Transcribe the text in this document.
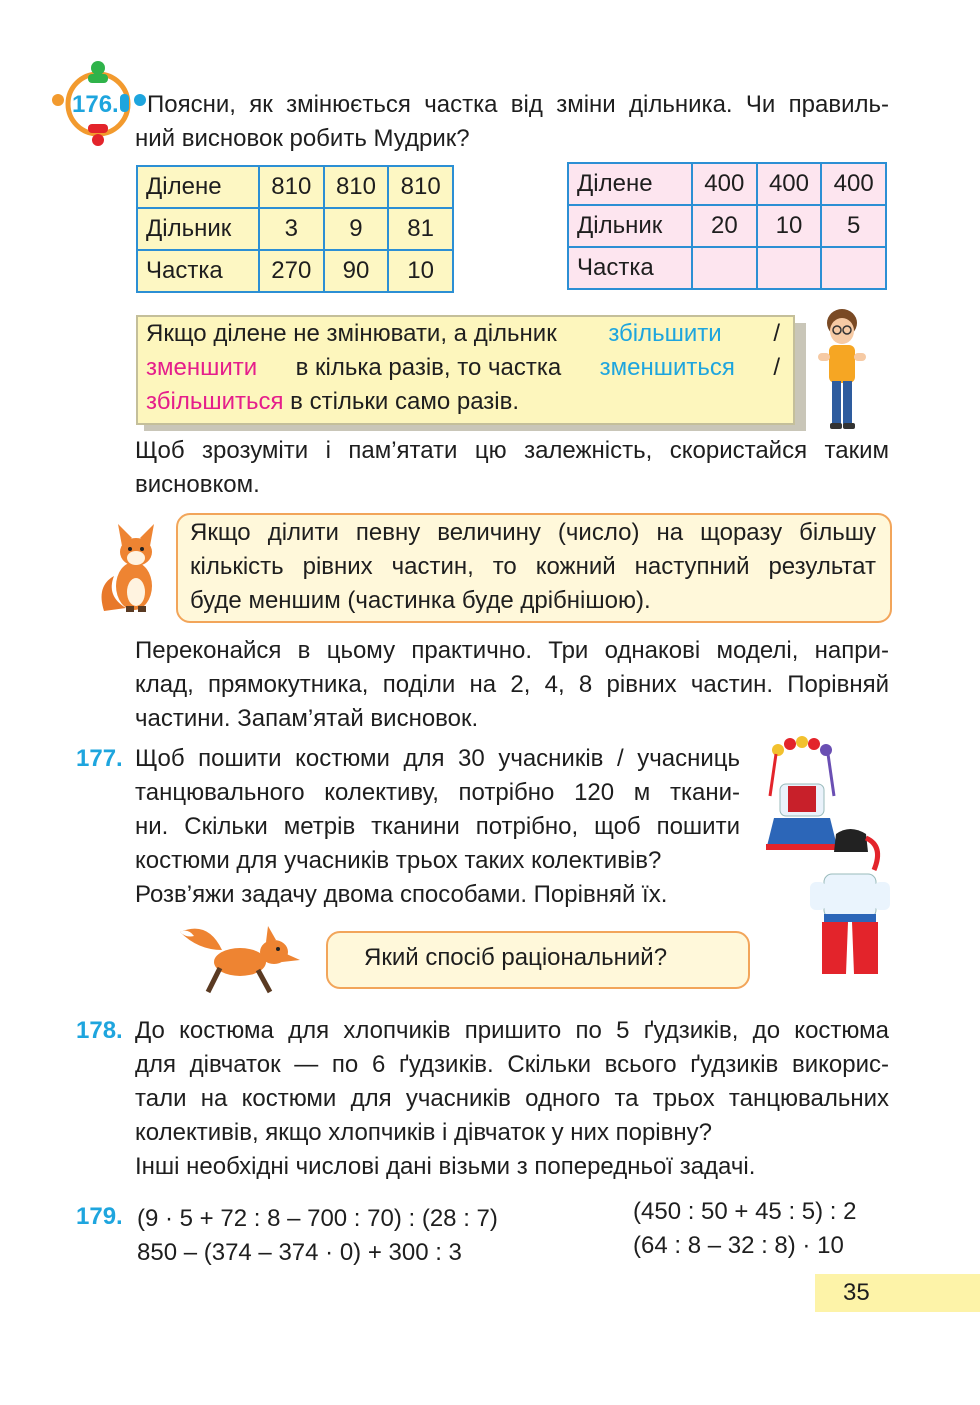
176. Поясни, як змінюється частка від зміни дільника. Чи правиль-
ний висновок робить Мудрик?
Ділене	810	810	810
Дільник	3	9	81
Частка	270	90	10
Ділене	400	400	400
Дільник	20	10	5
Частка			
Якщо ділене не змінювати, а дільник збільшити /
зменшити в кілька разів, то частка зменшиться /
збільшиться в стільки само разів.
Щоб зрозуміти і пам’ятати цю залежність, скористайся таким
висновком.
Якщо ділити певну величину (число) на щоразу більшу
кількість рівних частин, то кожний наступний результат
буде меншим (частинка буде дрібнішою).
Переконайся в цьому практично. Три однакові моделі, напри-
клад, прямокутника, поділи на 2, 4, 8 рівних частин. Порівняй
частини. Запам’ятай висновок.
177. Щоб пошити костюми для 30 учасників / учасниць
танцювального колективу, потрібно 120 м ткани-
ни. Скільки метрів тканини потрібно, щоб пошити
костюми для учасників трьох таких колективів?
Розв’яжи задачу двома способами. Порівняй їх.
Який спосіб раціональний?
178. До костюма для хлопчиків пришито по 5 ґудзиків, до костюма
для дівчаток — по 6 ґудзиків. Скільки всього ґудзиків викорис-
тали на костюми для учасників одного та трьох танцювальних
колективів, якщо хлопчиків і дівчаток у них порівну?
Інші необхідні числові дані візьми з попередньої задачі.
179. (9 · 5 + 72 : 8 – 700 : 70) : (28 : 7)
850 – (374 – 374 · 0) + 300 : 3
(450 : 50 + 45 : 5) : 2
(64 : 8 – 32 : 8) · 10
35
